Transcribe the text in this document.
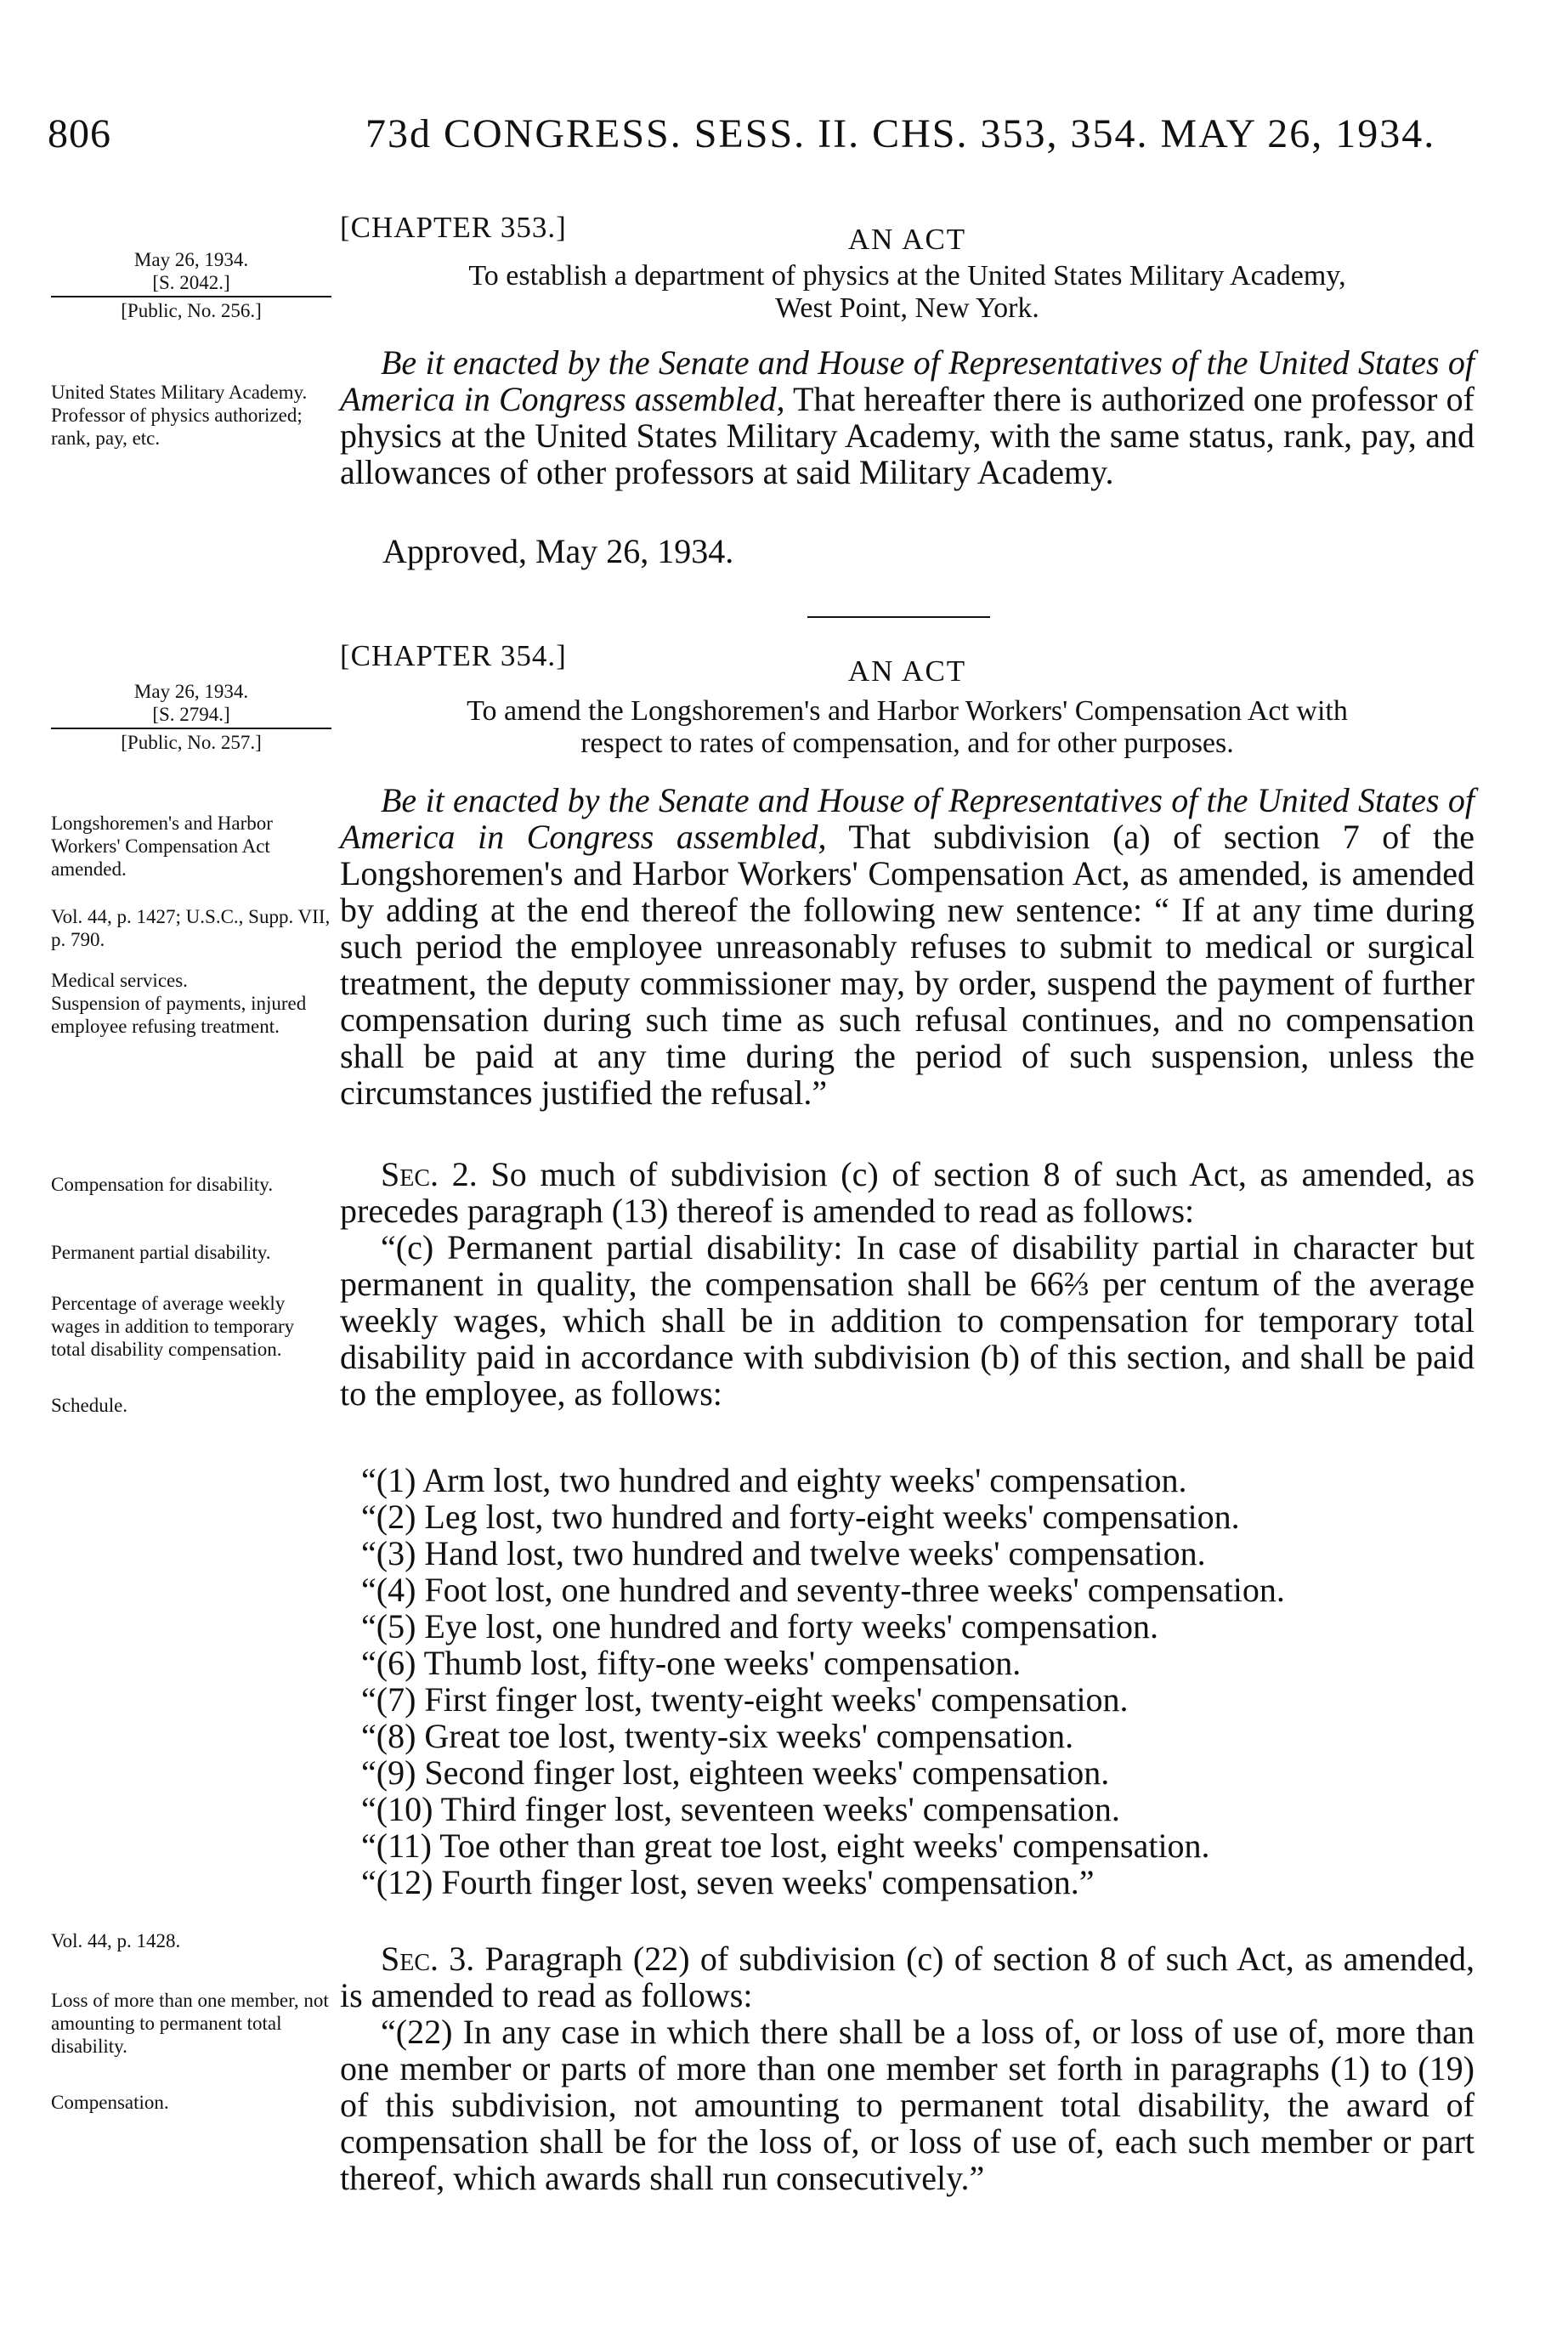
806	73d CONGRESS. SESS. II. CHS. 353, 354. MAY 26, 1934.
[CHAPTER 353.]	AN ACT
To establish a department of physics at the United States Military Academy,
West Point, New York.

May 26, 1934.

[S. 2042.]

[Public, No. 256.]

United States Military Academy.

Professor of physics authorized; rank, pay, etc.

Be it enacted by the Senate and House of Representatives of the United States of America in Congress assembled, That hereafter there is authorized one professor of physics at the United States Military Academy, with the same status, rank, pay, and allowances of other professors at said Military Academy.

Approved, May 26, 1934.
[CHAPTER 354.]	AN ACT
To amend the Longshoremen's and Harbor Workers' Compensation Act with
respect to rates of compensation, and for other purposes.

May 26, 1934.

[S. 2794.]

[Public, No. 257.]

Longshoremen's and Harbor Workers' Compensation Act amended.
Vol. 44, p. 1427; U.S.C., Supp. VII, p. 790.

Medical services.

Suspension of payments, injured employee refusing treatment.

Compensation for disability.
Permanent partial disability.
Percentage of average weekly wages in addition to temporary total disability compensation.
Schedule.
Vol. 44, p. 1428.
Loss of more than one member, not amounting to permanent total disability.
Compensation.

Be it enacted by the Senate and House of Representatives of the United States of America in Congress assembled, That subdivision (a) of section 7 of the Longshoremen's and Harbor Workers' Compensation Act, as amended, is amended by adding at the end thereof the following new sentence: “ If at any time during such period the employee unreasonably refuses to submit to medical or surgical treatment, the deputy commissioner may, by order, suspend the payment of further compensation during such time as such refusal continues, and no compensation shall be paid at any time during the period of such suspension, unless the circumstances justified the refusal.”

Sec. 2. So much of subdivision (c) of section 8 of such Act, as amended, as precedes paragraph (13) thereof is amended to read as follows:

“(c) Permanent partial disability: In case of disability partial in character but permanent in quality, the compensation shall be 66⅔ per centum of the average weekly wages, which shall be in addition to compensation for temporary total disability paid in accordance with subdivision (b) of this section, and shall be paid to the employee, as follows:

“(1) Arm lost, two hundred and eighty weeks' compensation.
“(2) Leg lost, two hundred and forty-eight weeks' compensation.
“(3) Hand lost, two hundred and twelve weeks' compensation.
“(4) Foot lost, one hundred and seventy-three weeks' compensation.
“(5) Eye lost, one hundred and forty weeks' compensation.
“(6) Thumb lost, fifty-one weeks' compensation.
“(7) First finger lost, twenty-eight weeks' compensation.
“(8) Great toe lost, twenty-six weeks' compensation.
“(9) Second finger lost, eighteen weeks' compensation.
“(10) Third finger lost, seventeen weeks' compensation.
“(11) Toe other than great toe lost, eight weeks' compensation.
“(12) Fourth finger lost, seven weeks' compensation.”

Sec. 3. Paragraph (22) of subdivision (c) of section 8 of such Act, as amended, is amended to read as follows:

“(22) In any case in which there shall be a loss of, or loss of use of, more than one member or parts of more than one member set forth in paragraphs (1) to (19) of this subdivision, not amounting to permanent total disability, the award of compensation shall be for the loss of, or loss of use of, each such member or part thereof, which awards shall run consecutively.”
